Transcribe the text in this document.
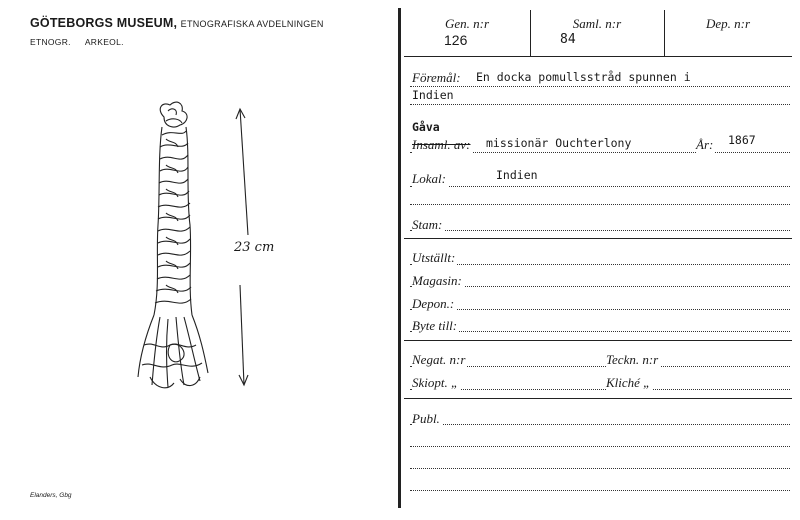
GÖTEBORGS MUSEUM, ETNOGRAFISKA AVDELNINGEN
ETNOGR. ARKEOL.
23 cm
Elanders, Gbg
Gen. n:r
126
Saml. n:r
84
Dep. n:r
Föremål: En docka pomullsstråd spunnen i
Indien
Gåva
Insaml. av: missionär Ouchterlony	År: 1867
Lokal:	Indien
Stam:
Utställt:
Magasin:
Depon.:
Byte till:
Negat. n:r	Teckn. n:r
Skiopt. „	Kliché „
Publ.
